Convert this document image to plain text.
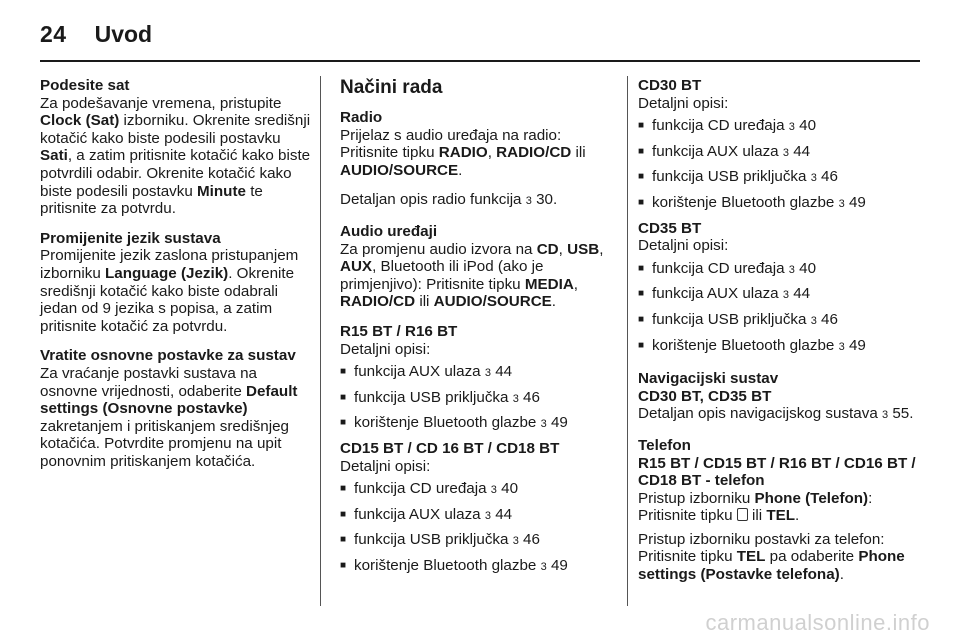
24 Uvod

Podesite sat
Za podešavanje vremena, pristupite Clock (Sat) izborniku. Okrenite središnji kotačić kako biste podesili postavku Sati, a zatim pritisnite kotačić kako biste potvrdili odabir. Okrenite kotačić kako biste podesili postavku Minute te pritisnite za potvrdu.

Promijenite jezik sustava
Promijenite jezik zaslona pristupanjem izborniku Language (Jezik). Okrenite središnji kotačić kako biste odabrali jedan od 9 jezika s popisa, a zatim pritisnite kotačić za potvrdu.

Vratite osnovne postavke za sustav
Za vraćanje postavki sustava na osnovne vrijednosti, odaberite Default settings (Osnovne postavke) zakretanjem i pritiskanjem središnjeg kotačića. Potvrdite promjenu na upit ponovnim pritiskanjem kotačića.

Načini rada

Radio
Prijelaz s audio uređaja na radio: Pritisnite tipku RADIO, RADIO/CD ili AUDIO/SOURCE.

Detaljan opis radio funkcija 3 30.

Audio uređaji
Za promjenu audio izvora na CD, USB, AUX, Bluetooth ili iPod (ako je primjenjivo): Pritisnite tipku MEDIA, RADIO/CD ili AUDIO/SOURCE.

R15 BT / R16 BT
Detaljni opisi:
■ funkcija AUX ulaza 3 44
■ funkcija USB priključka 3 46
■ korištenje Bluetooth glazbe 3 49
CD15 BT / CD 16 BT / CD18 BT
Detaljni opisi:
■ funkcija CD uređaja 3 40
■ funkcija AUX ulaza 3 44
■ funkcija USB priključka 3 46
■ korištenje Bluetooth glazbe 3 49
CD30 BT
Detaljni opisi:
■ funkcija CD uređaja 3 40
■ funkcija AUX ulaza 3 44
■ funkcija USB priključka 3 46
■ korištenje Bluetooth glazbe 3 49
CD35 BT
Detaljni opisi:
■ funkcija CD uređaja 3 40
■ funkcija AUX ulaza 3 44
■ funkcija USB priključka 3 46
■ korištenje Bluetooth glazbe 3 49

Navigacijski sustav
CD30 BT, CD35 BT
Detaljan opis navigacijskog sustava 3 55.

Telefon
R15 BT / CD15 BT / R16 BT / CD16 BT / CD18 BT - telefon
Pristup izborniku Phone (Telefon):
Pritisnite tipku  ili TEL.

Pristup izborniku postavki za telefon: Pritisnite tipku TEL pa odaberite Phone settings (Postavke telefona).

carmanualsonline.info
